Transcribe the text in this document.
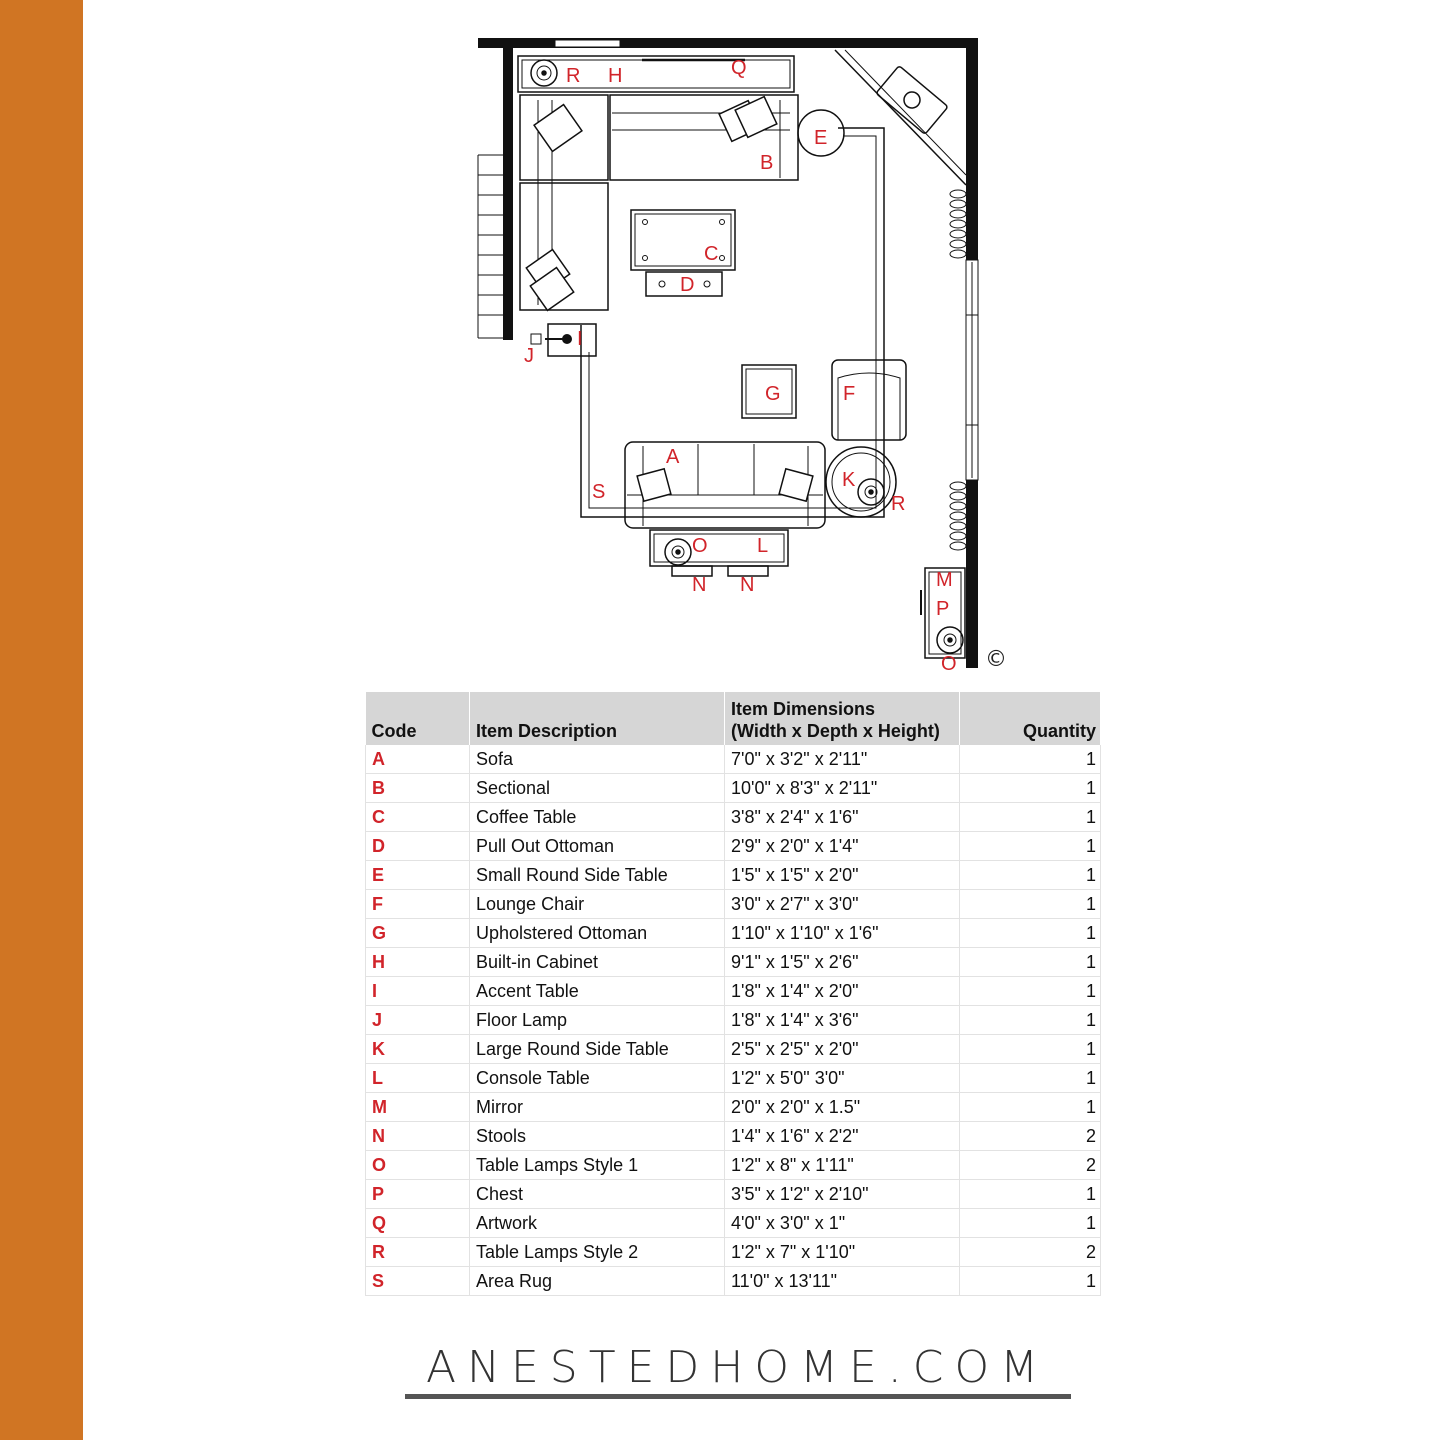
R H	Q
E
B
C
D
I
J
G	F
A
K
R
S
O L
N N	M
P
O ©
Code	Item Description	Item Dimensions
(Width x Depth x Height)	Quantity
A	Sofa	7'0" x 3'2" x 2'11"	1
B	Sectional	10'0" x 8'3" x 2'11"	1
C	Coffee Table	3'8" x 2'4" x 1'6"	1
D	Pull Out Ottoman	2'9" x 2'0" x 1'4"	1
E	Small Round Side Table	1'5" x 1'5" x 2'0"	1
F	Lounge Chair	3'0" x 2'7" x 3'0"	1
G	Upholstered Ottoman	1'10" x 1'10" x 1'6"	1
H	Built-in Cabinet	9'1" x 1'5" x 2'6"	1
I	Accent Table	1'8" x 1'4" x 2'0"	1
J	Floor Lamp	1'8" x 1'4" x 3'6"	1
K	Large Round Side Table	2'5" x 2'5" x 2'0"	1
L	Console Table	1'2" x 5'0" 3'0"	1
M	Mirror	2'0" x 2'0" x 1.5"	1
N	Stools	1'4" x 1'6" x 2'2"	2
O	Table Lamps Style 1	1'2" x 8" x 1'11"	2
P	Chest	3'5" x 1'2" x 2'10"	1
Q	Artwork	4'0" x 3'0" x 1"	1
R	Table Lamps Style 2	1'2" x 7" x 1'10"	2
S	Area Rug	11'0" x 13'11"	1
ANESTEDHOME.COM
